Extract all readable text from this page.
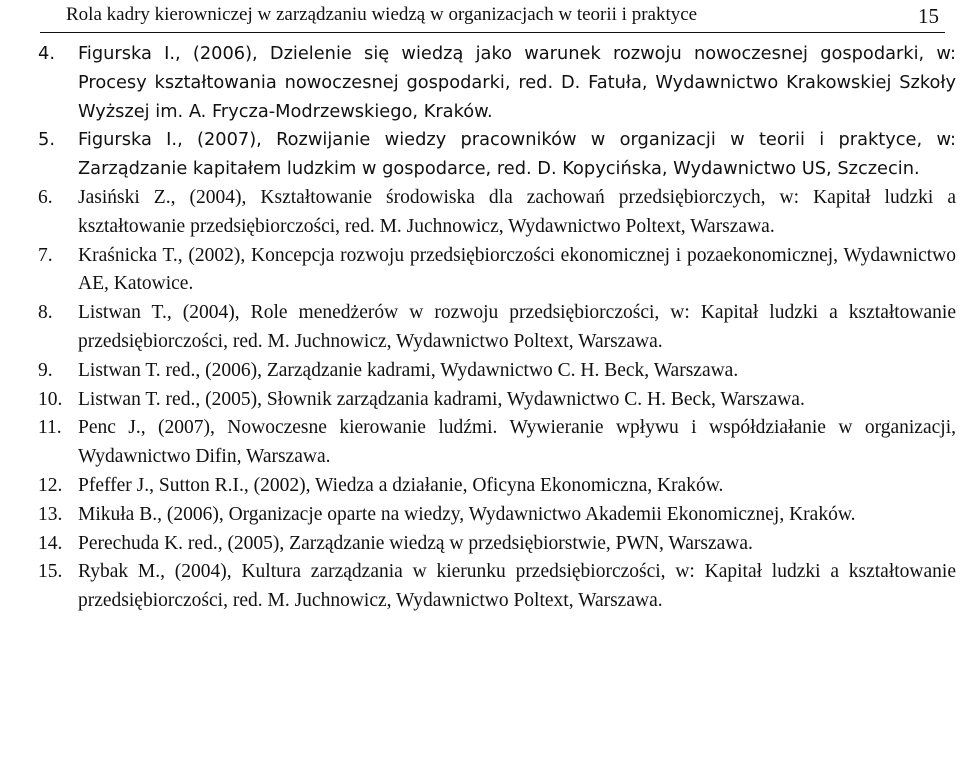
Rola kadry kierowniczej w zarządzaniu wiedzą w organizacjach w teorii i praktyce	15
4. Figurska I., (2006), Dzielenie się wiedzą jako warunek rozwoju nowoczesnej gospodarki, w: Procesy kształtowania nowoczesnej gospodarki, red. D. Fatuła, Wydawnictwo Krakowskiej Szkoły Wyższej im. A. Frycza-Modrzewskiego, Kraków.
5. Figurska I., (2007), Rozwijanie wiedzy pracowników w organizacji w teorii i praktyce, w: Zarządzanie kapitałem ludzkim w gospodarce, red. D. Kopycińska, Wydawnictwo US, Szczecin.
6. Jasiński Z., (2004), Kształtowanie środowiska dla zachowań przedsiębiorczych, w: Kapitał ludzki a kształtowanie przedsiębiorczości, red. M. Juchnowicz, Wydawnictwo Poltext, Warszawa.
7. Kraśnicka T., (2002), Koncepcja rozwoju przedsiębiorczości ekonomicznej i pozaekonomicznej, Wydawnictwo AE, Katowice.
8. Listwan T., (2004), Role menedżerów w rozwoju przedsiębiorczości, w: Kapitał ludzki a kształtowanie przedsiębiorczości, red. M. Juchnowicz, Wydawnictwo Poltext, Warszawa.
9. Listwan T. red., (2006), Zarządzanie kadrami, Wydawnictwo C. H. Beck, Warszawa.
10. Listwan T. red., (2005), Słownik zarządzania kadrami, Wydawnictwo C. H. Beck, Warszawa.
11. Penc J., (2007), Nowoczesne kierowanie ludźmi. Wywieranie wpływu i współdziałanie w organizacji, Wydawnictwo Difin, Warszawa.
12. Pfeffer J., Sutton R.I., (2002), Wiedza a działanie, Oficyna Ekonomiczna, Kraków.
13. Mikuła B., (2006), Organizacje oparte na wiedzy, Wydawnictwo Akademii Ekonomicznej, Kraków.
14. Perechuda K. red., (2005), Zarządzanie wiedzą w przedsiębiorstwie, PWN, Warszawa.
15. Rybak M., (2004), Kultura zarządzania w kierunku przedsiębiorczości, w: Kapitał ludzki a kształtowanie przedsiębiorczości, red. M. Juchnowicz, Wydawnictwo Poltext, Warszawa.
